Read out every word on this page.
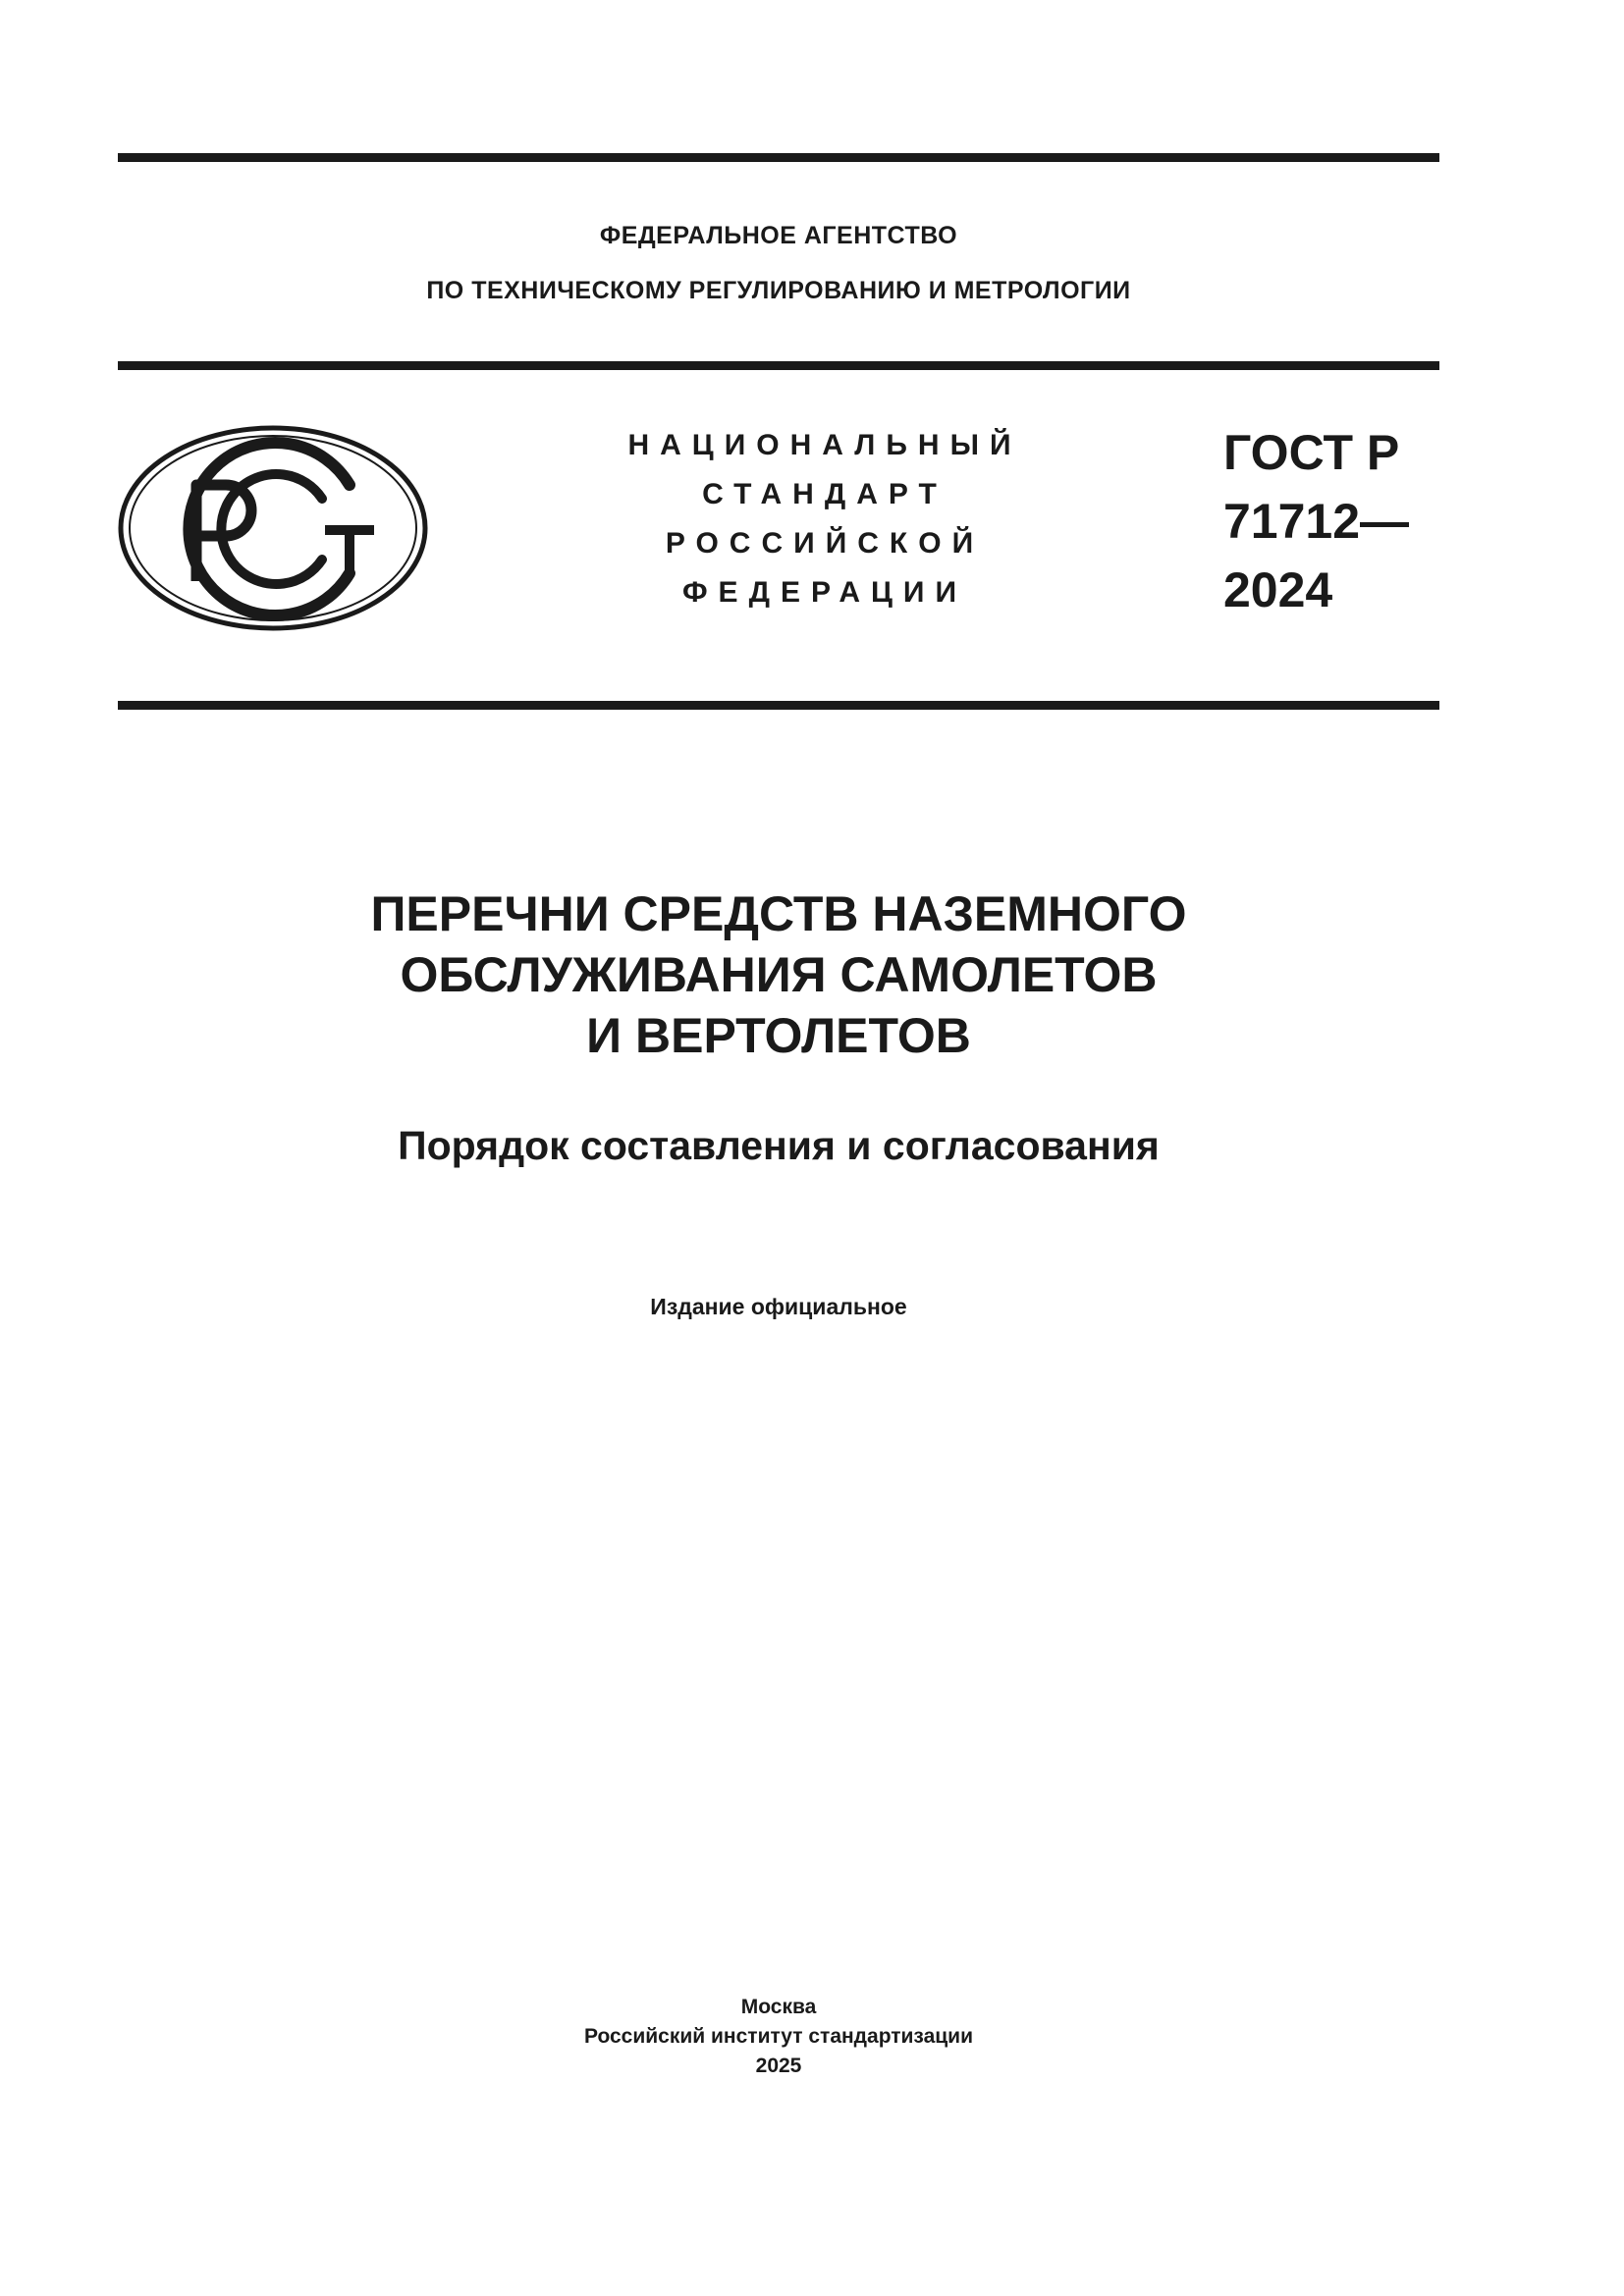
ФЕДЕРАЛЬНОЕ АГЕНТСТВО
ПО ТЕХНИЧЕСКОМУ РЕГУЛИРОВАНИЮ И МЕТРОЛОГИИ
НАЦИОНАЛЬНЫЙ
СТАНДАРТ
РОССИЙСКОЙ
ФЕДЕРАЦИИ
ГОСТ Р
71712—
2024
ПЕРЕЧНИ СРЕДСТВ НАЗЕМНОГО
ОБСЛУЖИВАНИЯ САМОЛЕТОВ
И ВЕРТОЛЕТОВ
Порядок составления и согласования
Издание официальное
Москва
Российский институт стандартизации
2025
